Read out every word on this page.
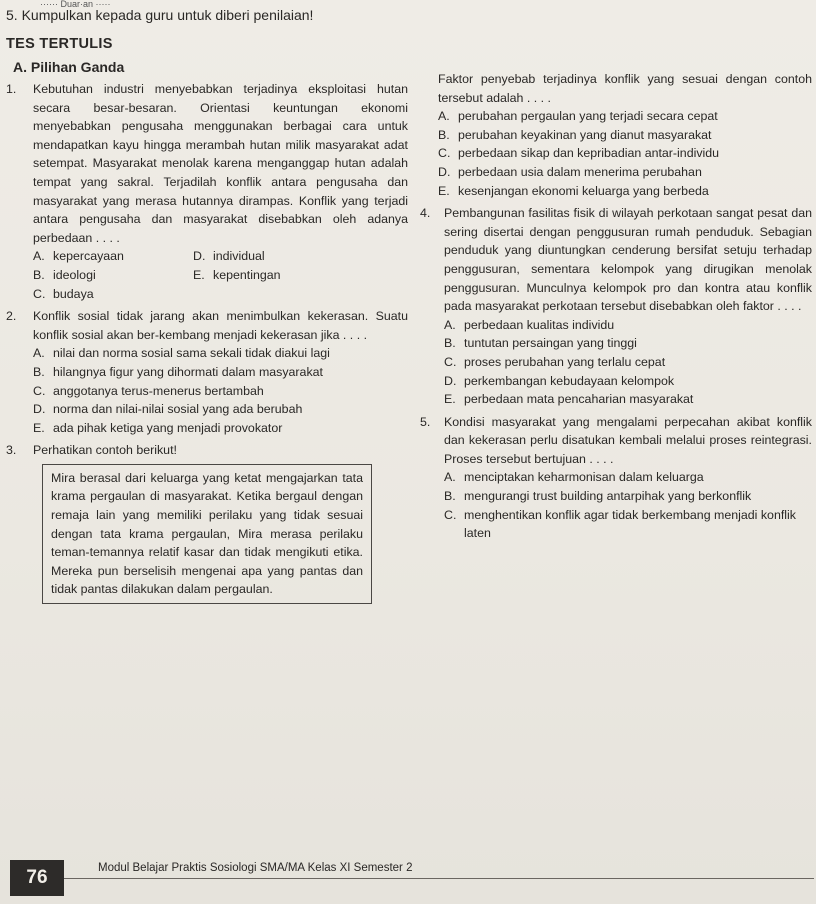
······ Duar·an ·····
5. Kumpulkan kepada guru untuk diberi penilaian!
TES TERTULIS
A. Pilihan Ganda
1.	Kebutuhan industri menyebabkan terjadinya eksploitasi hutan secara besar-besaran. Orientasi keuntungan ekonomi menyebabkan pengusaha menggunakan berbagai cara untuk mendapatkan kayu hingga merambah hutan milik masyarakat adat setempat. Masyarakat menolak karena menganggap hutan adalah tempat yang sakral. Terjadilah konflik antara pengusaha dan masyarakat yang merasa hutannya dirampas. Konflik yang terjadi antara pengusaha dan masyarakat disebabkan oleh adanya perbedaan . . . .
A. kepercayaan	D. individual
B. ideologi	E. kepentingan
C. budaya
2.	Konflik sosial tidak jarang akan menimbulkan kekerasan. Suatu konflik sosial akan ber-kembang menjadi kekerasan jika . . . .
A. nilai dan norma sosial sama sekali tidak diakui lagi
B. hilangnya figur yang dihormati dalam masyarakat
C. anggotanya terus-menerus bertambah
D. norma dan nilai-nilai sosial yang ada berubah
E. ada pihak ketiga yang menjadi provokator
3.	Perhatikan contoh berikut!
Mira berasal dari keluarga yang ketat mengajarkan tata krama pergaulan di masyarakat. Ketika bergaul dengan remaja lain yang memiliki perilaku yang tidak sesuai dengan tata krama pergaulan, Mira merasa perilaku teman-temannya relatif kasar dan tidak mengikuti etika. Mereka pun berselisih mengenai apa yang pantas dan tidak pantas dilakukan dalam pergaulan.
Faktor penyebab terjadinya konflik yang sesuai dengan contoh tersebut adalah . . . .
A. perubahan pergaulan yang terjadi secara cepat
B. perubahan keyakinan yang dianut masyarakat
C. perbedaan sikap dan kepribadian antar-individu
D. perbedaan usia dalam menerima perubahan
E. kesenjangan ekonomi keluarga yang berbeda
4.	Pembangunan fasilitas fisik di wilayah perkotaan sangat pesat dan sering disertai dengan penggusuran rumah penduduk. Sebagian penduduk yang diuntungkan cenderung bersifat setuju terhadap penggusuran, sementara kelompok yang dirugikan menolak penggusuran. Munculnya kelompok pro dan kontra atau konflik pada masyarakat perkotaan tersebut disebabkan oleh faktor . . . .
A. perbedaan kualitas individu
B. tuntutan persaingan yang tinggi
C. proses perubahan yang terlalu cepat
D. perkembangan kebudayaan kelompok
E. perbedaan mata pencaharian masyarakat
5.	Kondisi masyarakat yang mengalami perpecahan akibat konflik dan kekerasan perlu disatukan kembali melalui proses reintegrasi. Proses tersebut bertujuan . . . .
A. menciptakan keharmonisan dalam keluarga
B. mengurangi trust building antarpihak yang berkonflik
C. menghentikan konflik agar tidak berkembang menjadi konflik laten
76	Modul Belajar Praktis Sosiologi SMA/MA Kelas XI Semester 2
